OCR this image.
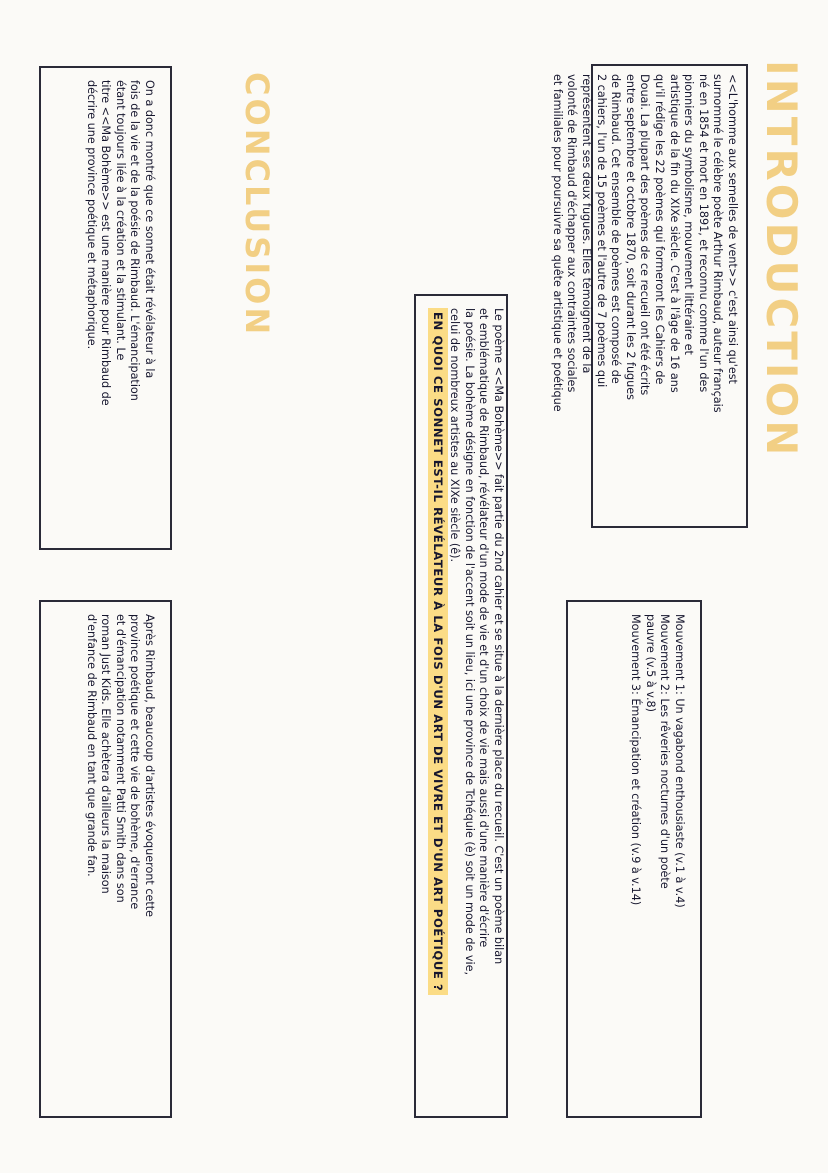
INTRODUCTION
<<L'homme aux semelles de vent>> c'est ainsi qu'est
surnommé le célèbre poète Arthur Rimbaud, auteur français
né en 1854 et mort en 1891, et reconnu comme l'un des
pionniers du symbolisme, mouvement littéraire et
artistique de la fin du XIXe siècle. C'est à l'âge de 16 ans
qu'il rédige les 22 poèmes qui formeront les Cahiers de
Douai. La plupart des poèmes de ce recueil ont été écrits
entre septembre et octobre 1870, soit durant les 2 fugues
de Rimbaud. Cet ensemble de poèmes est composé de
2 cahiers, l'un de 15 poèmes et l'autre de 7 poèmes qui
représentent ses deux fugues. Elles témoignent de la
volonté de Rimbaud d'échapper aux contraintes sociales
et familiales pour poursuivre sa quête artistique et poétique
Mouvement 1: Un vagabond enthousiaste (v.1 à v.4)
Mouvement 2: Les rêveries nocturnes d'un poète
pauvre (v.5 à v.8)
Mouvement 3: Émancipation et création (v.9 à v.14)
Le poème <<Ma Bohème>> fait partie du 2nd cahier et se situe à la dernière place du recueil. C'est un poème bilan
et emblématique de Rimbaud, révélateur d'un mode de vie et d'un choix de vie mais aussi d'une manière d'écrire
la poésie. La bohème désigne en fonction de l'accent soit un lieu, ici une province de Tchéquie (è) soit un mode de vie,
celui de nombreux artistes au XIXe siècle (ê).
EN QUOI CE SONNET EST-IL RÉVÉLATEUR À LA FOIS D'UN ART DE VIVRE ET D'UN ART POÉTIQUE ?
CONCLUSION
On a donc montré que ce sonnet était révélateur à la
fois de la vie et de la poésie de Rimbaud. L'émancipation
étant toujours liée à la création et la stimulant. Le
titre <<Ma Bohème>> est une manière pour Rimbaud de
décrire une province poétique et métaphorique.
Après Rimbaud, beaucoup d'artistes évoqueront cette
province poétique et cette vie de bohème, d'errance
et d'émancipation notamment Patti Smith dans son
roman Just Kids. Elle achètera d'ailleurs la maison
d'enfance de Rimbaud en tant que grande fan.
